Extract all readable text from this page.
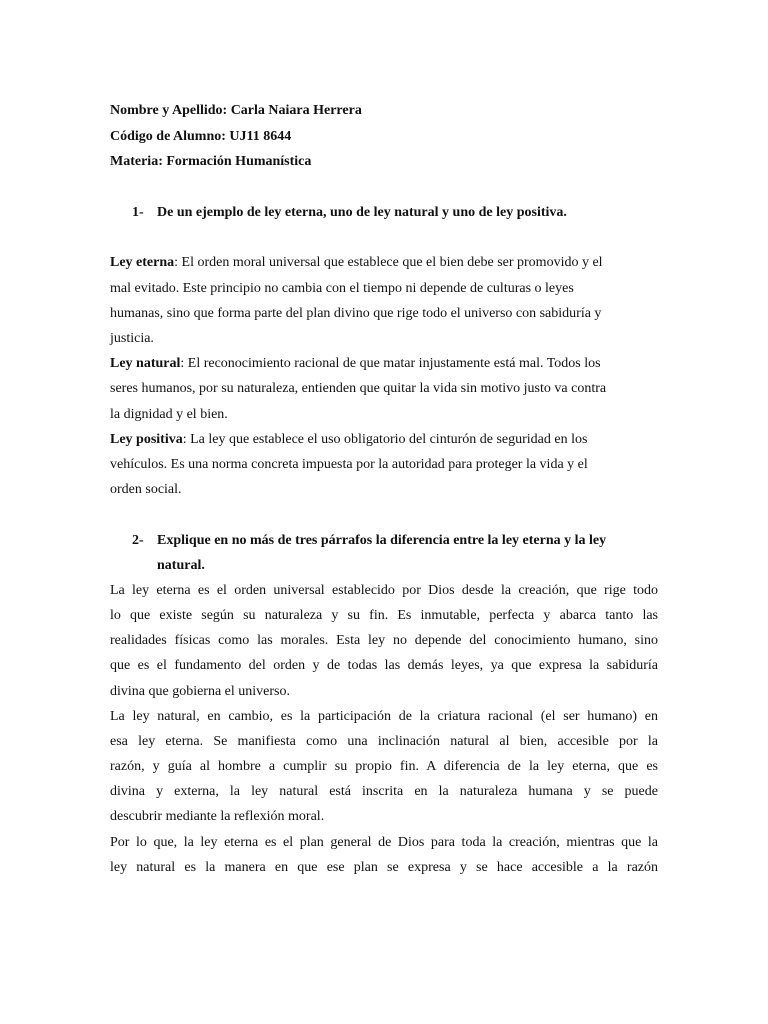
Nombre y Apellido: Carla Naiara Herrera
Código de Alumno: UJ11 8644
Materia: Formación Humanística
1- De un ejemplo de ley eterna, uno de ley natural y uno de ley positiva.
Ley eterna: El orden moral universal que establece que el bien debe ser promovido y el
mal evitado. Este principio no cambia con el tiempo ni depende de culturas o leyes
humanas, sino que forma parte del plan divino que rige todo el universo con sabiduría y
justicia.
Ley natural: El reconocimiento racional de que matar injustamente está mal. Todos los
seres humanos, por su naturaleza, entienden que quitar la vida sin motivo justo va contra
la dignidad y el bien.
Ley positiva: La ley que establece el uso obligatorio del cinturón de seguridad en los
vehículos. Es una norma concreta impuesta por la autoridad para proteger la vida y el
orden social.
2- Explique en no más de tres párrafos la diferencia entre la ley eterna y la ley
natural.
La ley eterna es el orden universal establecido por Dios desde la creación, que rige todo
lo que existe según su naturaleza y su fin. Es inmutable, perfecta y abarca tanto las
realidades físicas como las morales. Esta ley no depende del conocimiento humano, sino
que es el fundamento del orden y de todas las demás leyes, ya que expresa la sabiduría
divina que gobierna el universo.
La ley natural, en cambio, es la participación de la criatura racional (el ser humano) en
esa ley eterna. Se manifiesta como una inclinación natural al bien, accesible por la
razón, y guía al hombre a cumplir su propio fin. A diferencia de la ley eterna, que es
divina y externa, la ley natural está inscrita en la naturaleza humana y se puede
descubrir mediante la reflexión moral.
Por lo que, la ley eterna es el plan general de Dios para toda la creación, mientras que la
ley natural es la manera en que ese plan se expresa y se hace accesible a la razón
